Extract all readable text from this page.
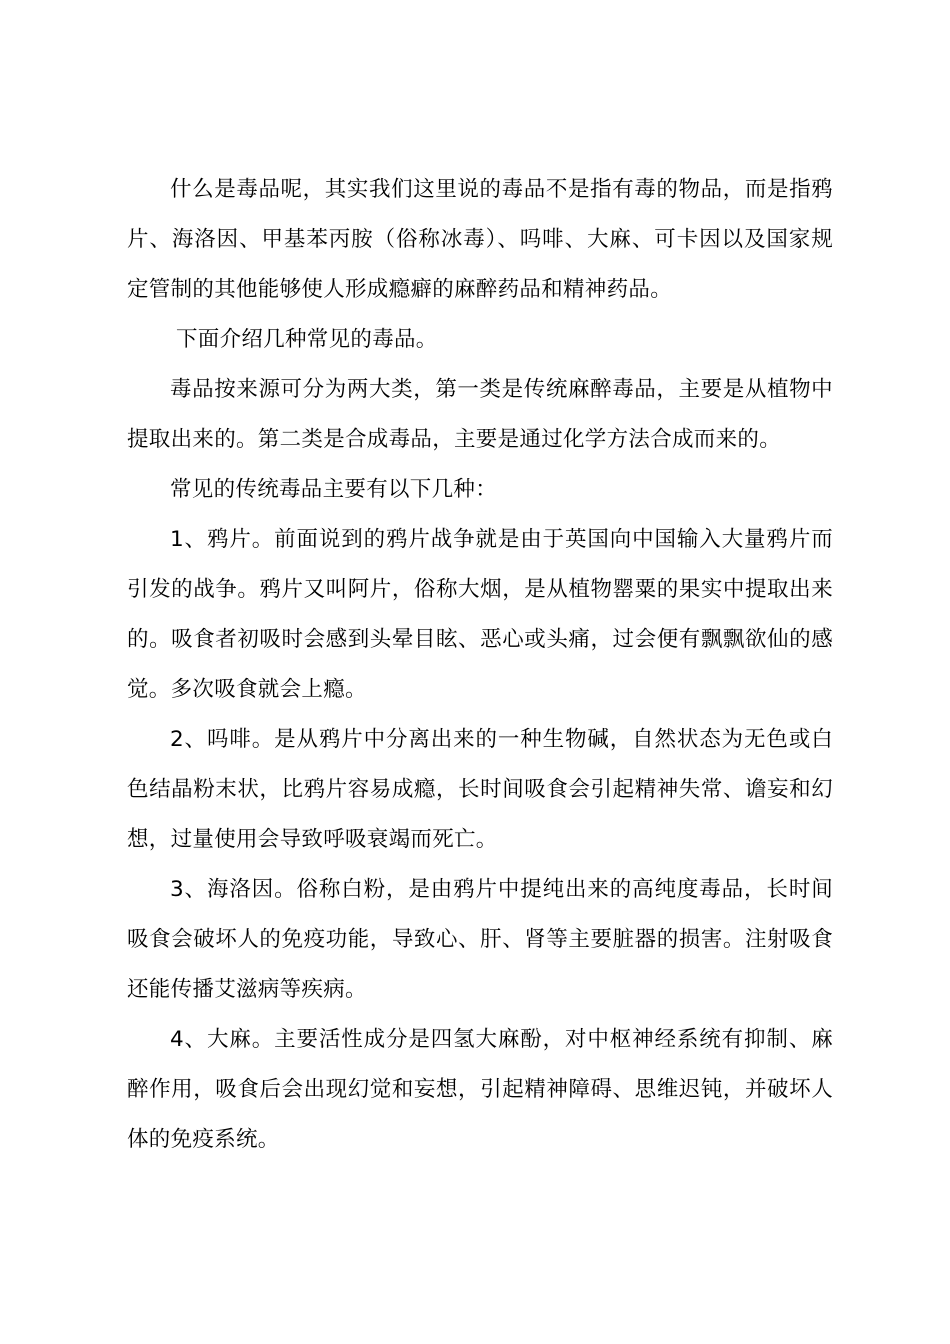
什么是毒品呢，其实我们这里说的毒品不是指有毒的物品，而是指鸦片、海洛因、甲基苯丙胺（俗称冰毒）、吗啡、大麻、可卡因以及国家规定管制的其他能够使人形成瘾癖的麻醉药品和精神药品。

下面介绍几种常见的毒品。

毒品按来源可分为两大类，第一类是传统麻醉毒品，主要是从植物中提取出来的。第二类是合成毒品，主要是通过化学方法合成而来的。

常见的传统毒品主要有以下几种：

1、鸦片。前面说到的鸦片战争就是由于英国向中国输入大量鸦片而引发的战争。鸦片又叫阿片，俗称大烟，是从植物罂粟的果实中提取出来的。吸食者初吸时会感到头晕目眩、恶心或头痛，过会便有飘飘欲仙的感觉。多次吸食就会上瘾。

2、吗啡。是从鸦片中分离出来的一种生物碱，自然状态为无色或白色结晶粉末状，比鸦片容易成瘾，长时间吸食会引起精神失常、谵妄和幻想，过量使用会导致呼吸衰竭而死亡。

3、海洛因。俗称白粉，是由鸦片中提纯出来的高纯度毒品，长时间吸食会破坏人的免疫功能，导致心、肝、肾等主要脏器的损害。注射吸食还能传播艾滋病等疾病。

4、大麻。主要活性成分是四氢大麻酚，对中枢神经系统有抑制、麻醉作用，吸食后会出现幻觉和妄想，引起精神障碍、思维迟钝，并破坏人体的免疫系统。
